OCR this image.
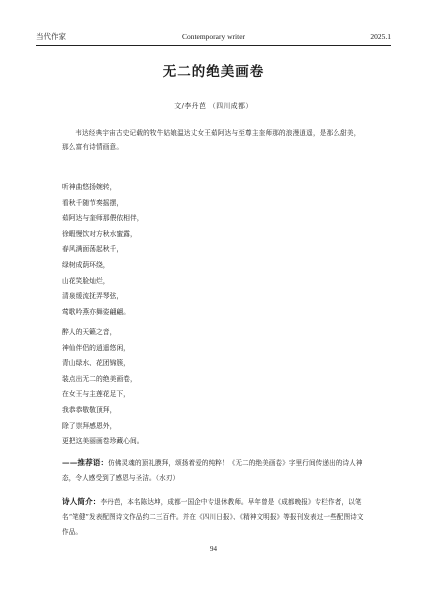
当代作家	Contemporary writer	2025.1
无二的绝美画卷
文/李丹芭 （四川成都）

韦达经典宇宙古史记载的牧牛姑娘温达丈女王茹阿达与至尊主奎师那的浪漫逍遥，是那么甜美，那么富有诗情画意。

听神曲悠扬婉转，
看秋千随节奏摇摆，
茹阿达与奎师那偎依相伴，
徐暇慢饮对方秋水蜜露，
春风满面荡起秋千，
绿树成荫环绕，
山花笑脸灿烂，
清泉缓流抚弄琴弦，
莺歌吟燕亦舞姿翩翩。
醉人的天籁之音，
神仙伴侣的逍遥悠闲，
青山绿水、花团锦簇，
装点出无二的绝美画卷，
在女王与主莲花足下，
我恭恭敬敬顶拜，
除了崇拜感恩外，
更把这美丽画卷珍藏心间。

——推荐语：仿佛灵魂的顶礼膜拜，颂扬着爱的纯粹！《无二的绝美画卷》字里行间传递出的诗人神态，令人感受到了感恩与圣洁。（水刃）

诗人简介：李丹芭，本名陈达坤，成都一国企中专退休教师。早年曾是《成都晚报》专栏作者，以笔名“笔健”发表配图诗文作品约二三百件。并在《四川日报》、《精神文明报》等报刊发表过一些配图诗文作品。

94
